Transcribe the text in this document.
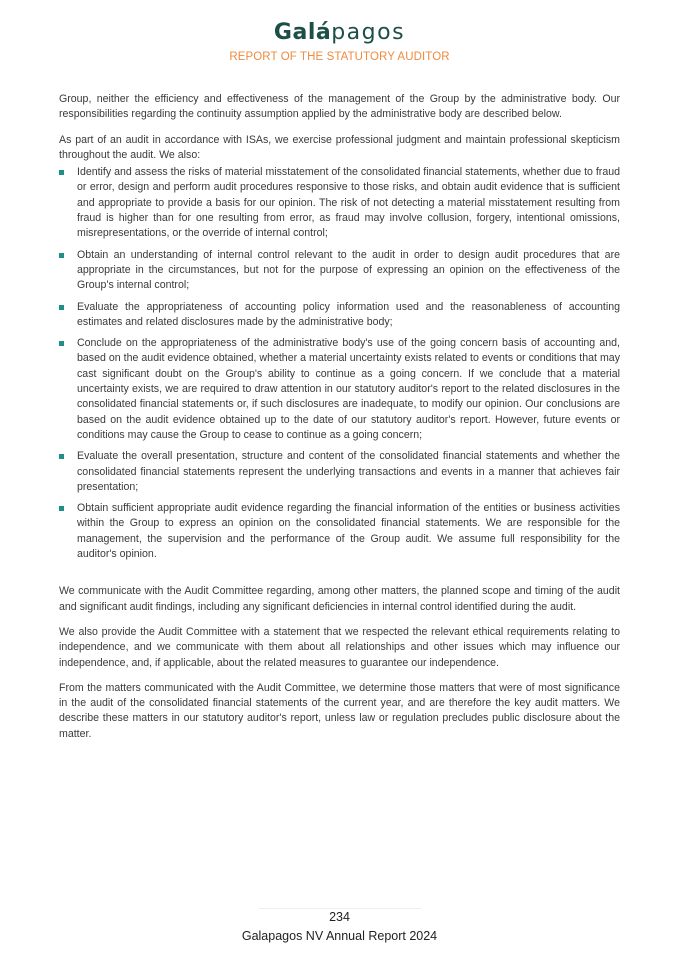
Galápagos
REPORT OF THE STATUTORY AUDITOR

Group, neither the efficiency and effectiveness of the management of the Group by the administrative body. Our responsibilities regarding the continuity assumption applied by the administrative body are described below.

As part of an audit in accordance with ISAs, we exercise professional judgment and maintain professional skepticism throughout the audit. We also:

Identify and assess the risks of material misstatement of the consolidated financial statements, whether due to fraud or error, design and perform audit procedures responsive to those risks, and obtain audit evidence that is sufficient and appropriate to provide a basis for our opinion. The risk of not detecting a material misstatement resulting from fraud is higher than for one resulting from error, as fraud may involve collusion, forgery, intentional omissions, misrepresentations, or the override of internal control;
Obtain an understanding of internal control relevant to the audit in order to design audit procedures that are appropriate in the circumstances, but not for the purpose of expressing an opinion on the effectiveness of the Group's internal control;
Evaluate the appropriateness of accounting policy information used and the reasonableness of accounting estimates and related disclosures made by the administrative body;
Conclude on the appropriateness of the administrative body's use of the going concern basis of accounting and, based on the audit evidence obtained, whether a material uncertainty exists related to events or conditions that may cast significant doubt on the Group's ability to continue as a going concern. If we conclude that a material uncertainty exists, we are required to draw attention in our statutory auditor's report to the related disclosures in the consolidated financial statements or, if such disclosures are inadequate, to modify our opinion. Our conclusions are based on the audit evidence obtained up to the date of our statutory auditor's report. However, future events or conditions may cause the Group to cease to continue as a going concern;
Evaluate the overall presentation, structure and content of the consolidated financial statements and whether the consolidated financial statements represent the underlying transactions and events in a manner that achieves fair presentation;
Obtain sufficient appropriate audit evidence regarding the financial information of the entities or business activities within the Group to express an opinion on the consolidated financial statements. We are responsible for the management, the supervision and the performance of the Group audit. We assume full responsibility for the auditor's opinion.

We communicate with the Audit Committee regarding, among other matters, the planned scope and timing of the audit and significant audit findings, including any significant deficiencies in internal control identified during the audit.

We also provide the Audit Committee with a statement that we respected the relevant ethical requirements relating to independence, and we communicate with them about all relationships and other issues which may influence our independence, and, if applicable, about the related measures to guarantee our independence.

From the matters communicated with the Audit Committee, we determine those matters that were of most significance in the audit of the consolidated financial statements of the current year, and are therefore the key audit matters. We describe these matters in our statutory auditor's report, unless law or regulation precludes public disclosure about the matter.

234
Galapagos NV Annual Report 2024
